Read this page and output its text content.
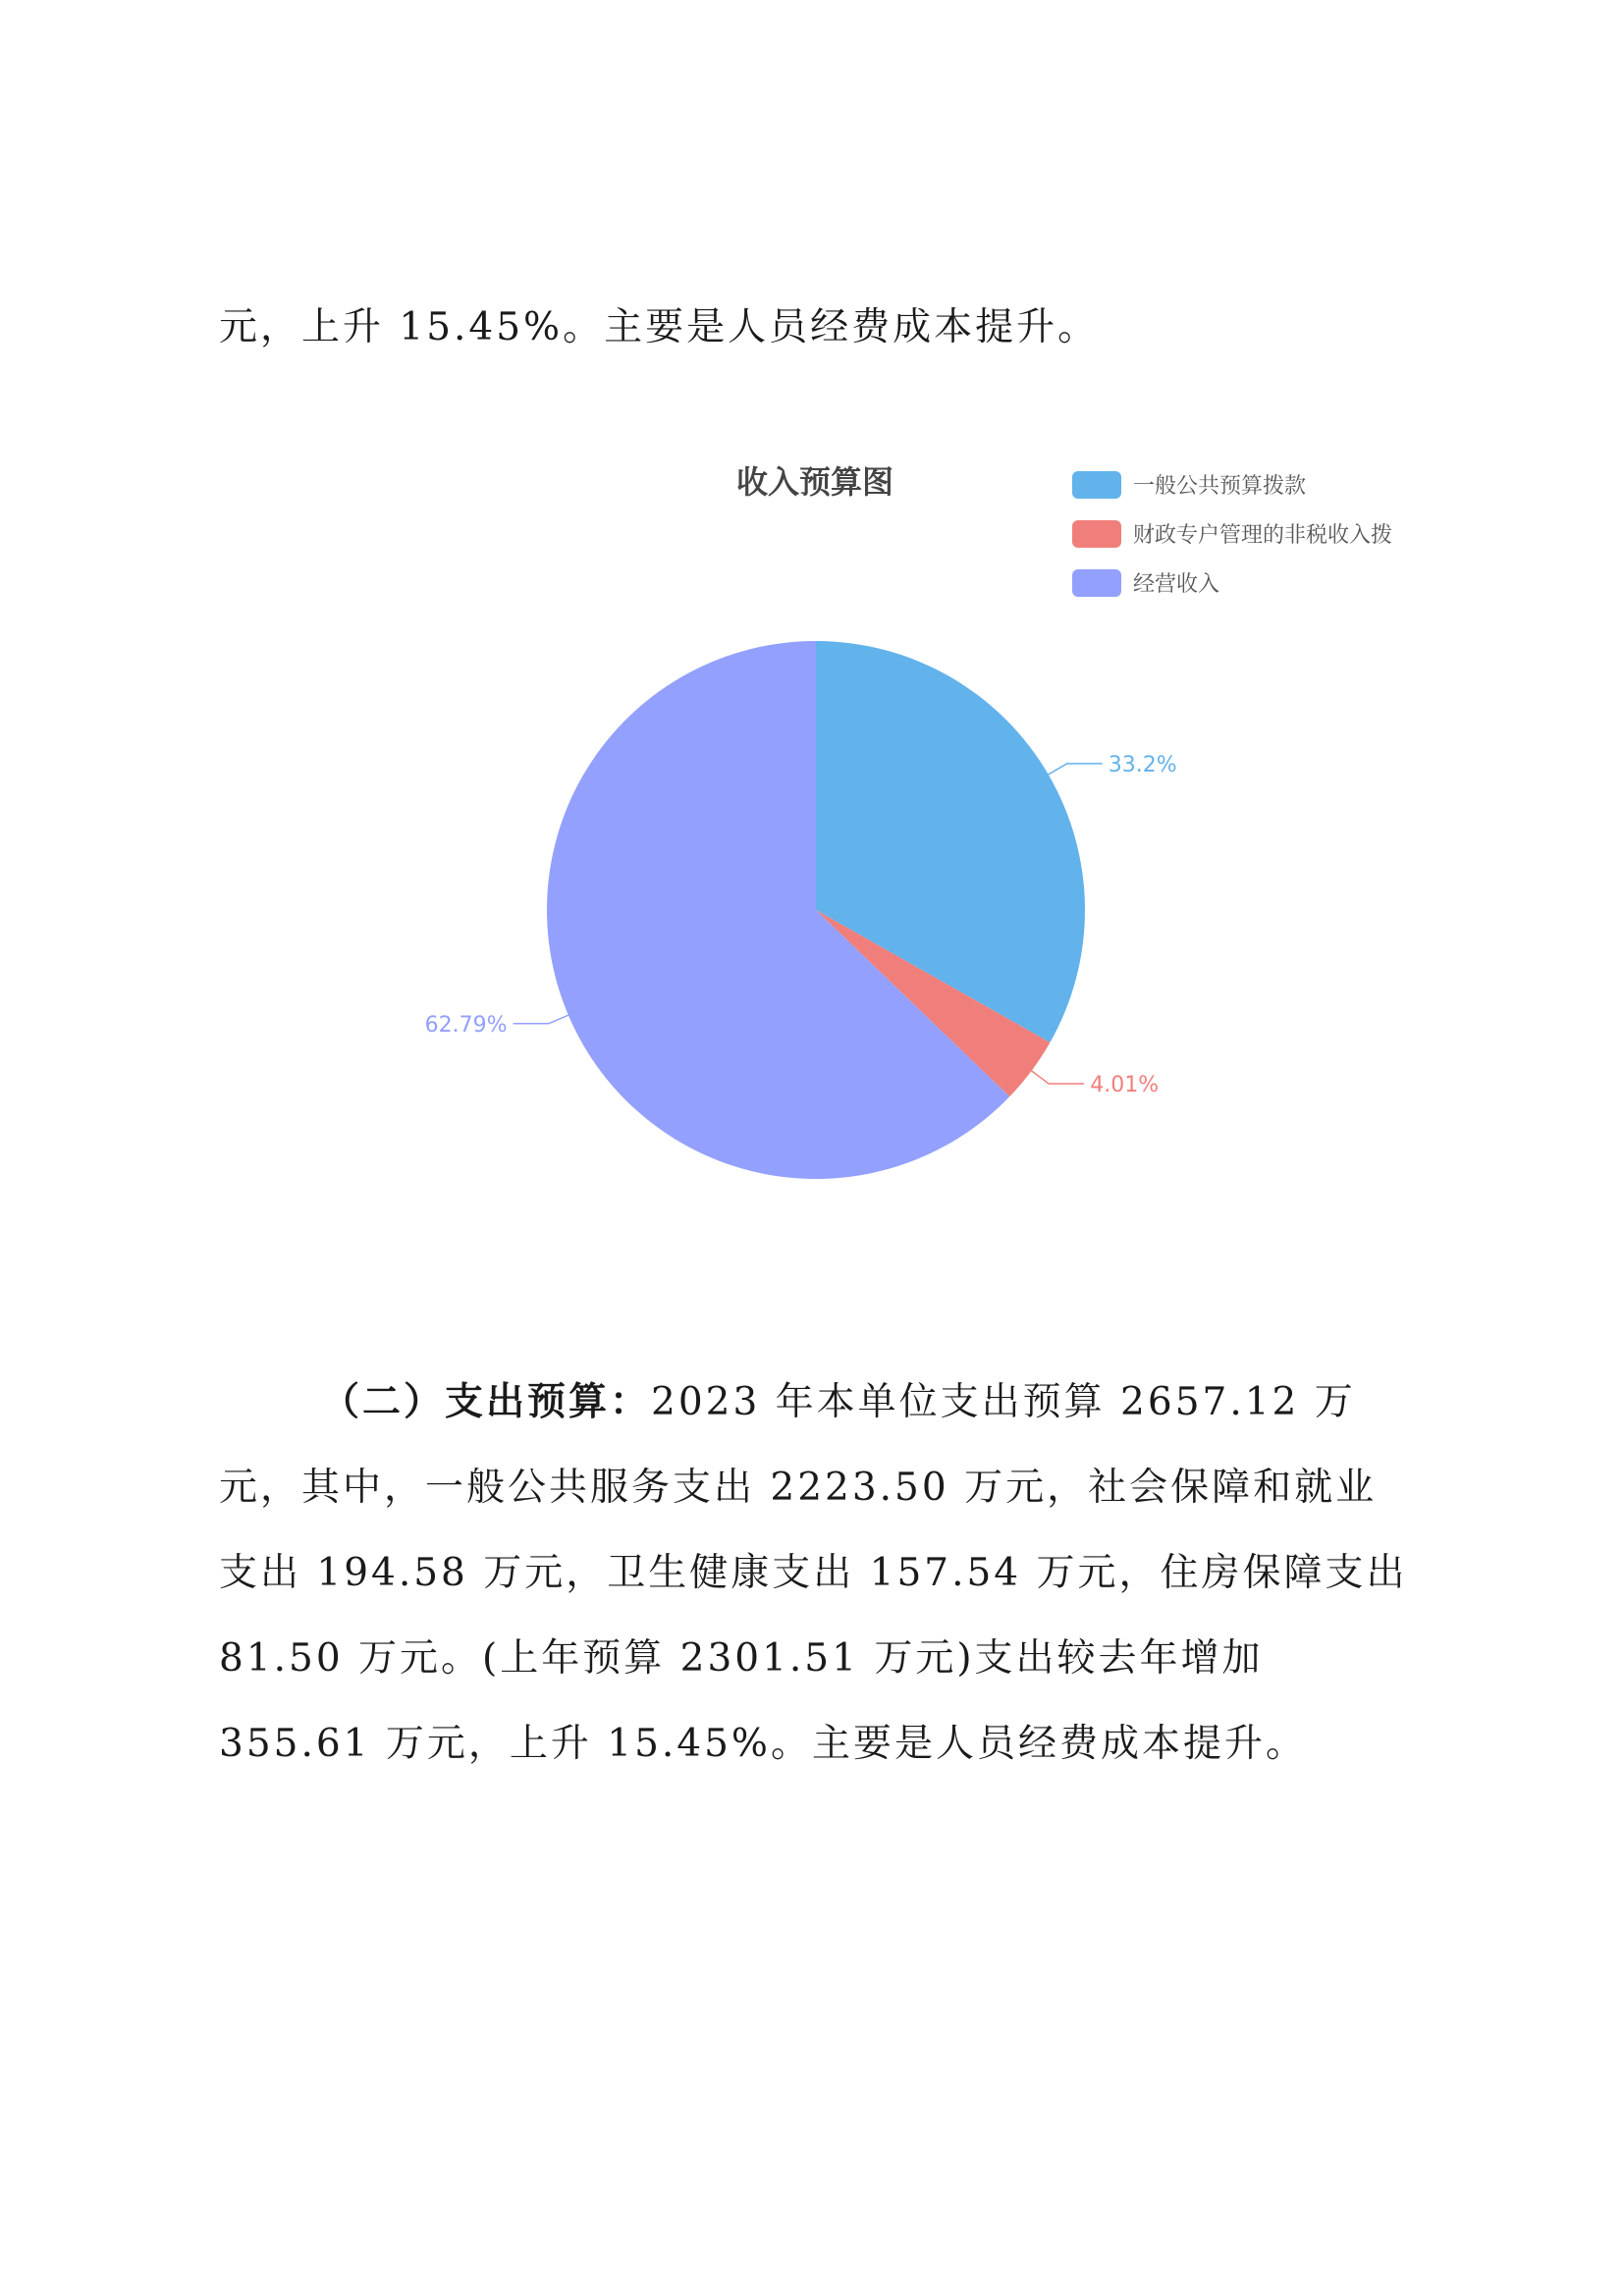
元，上升 15.45%。主要是人员经费成本提升。

收入预算图	一般公共预算拨款
财政专户管理的非税收入拨
经营收入
33.2%
4.01%
62.79%

（二）支出预算：2023 年本单位支出预算 2657.12 万元，其中，一般公共服务支出 2223.50 万元，社会保障和就业支出 194.58 万元，卫生健康支出 157.54 万元，住房保障支出 81.50 万元。(上年预算 2301.51 万元)支出较去年增加 355.61 万元，上升 15.45%。主要是人员经费成本提升。
